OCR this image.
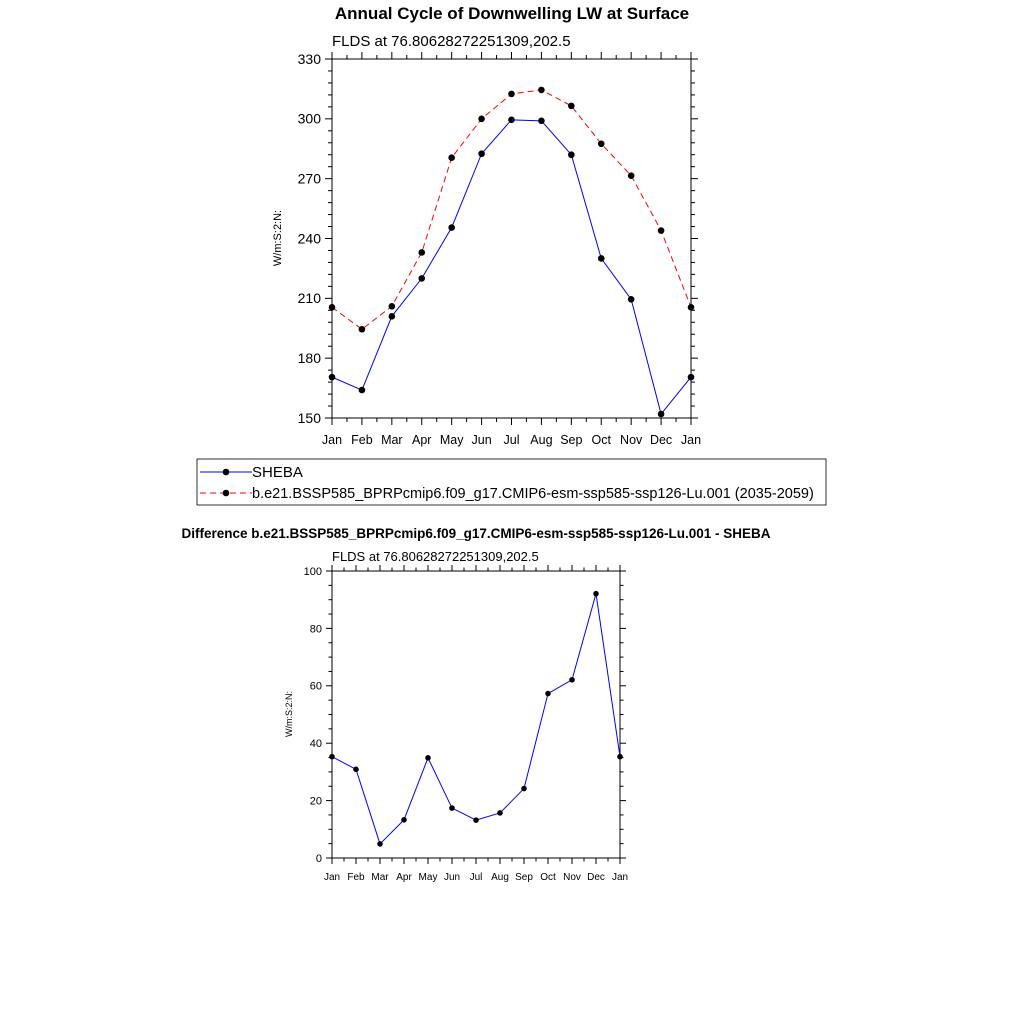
Annual Cycle of Downwelling LW at Surface
FLDS at 76.80628272251309,202.5
W/m:S:2:N:
150
180
210
240
270
300
330
Jan Feb Mar Apr May Jun Jul Aug Sep Oct Nov Dec Jan
SHEBA
b.e21.BSSP585_BPRPcmip6.f09_g17.CMIP6-esm-ssp585-ssp126-Lu.001 (2035-2059)
Difference b.e21.BSSP585_BPRPcmip6.f09_g17.CMIP6-esm-ssp585-ssp126-Lu.001 - SHEBA
FLDS at 76.80628272251309,202.5
W/m:S:2:N:
0
20
40
60
80
100
Jan Feb Mar Apr May Jun Jul Aug Sep Oct Nov Dec Jan
